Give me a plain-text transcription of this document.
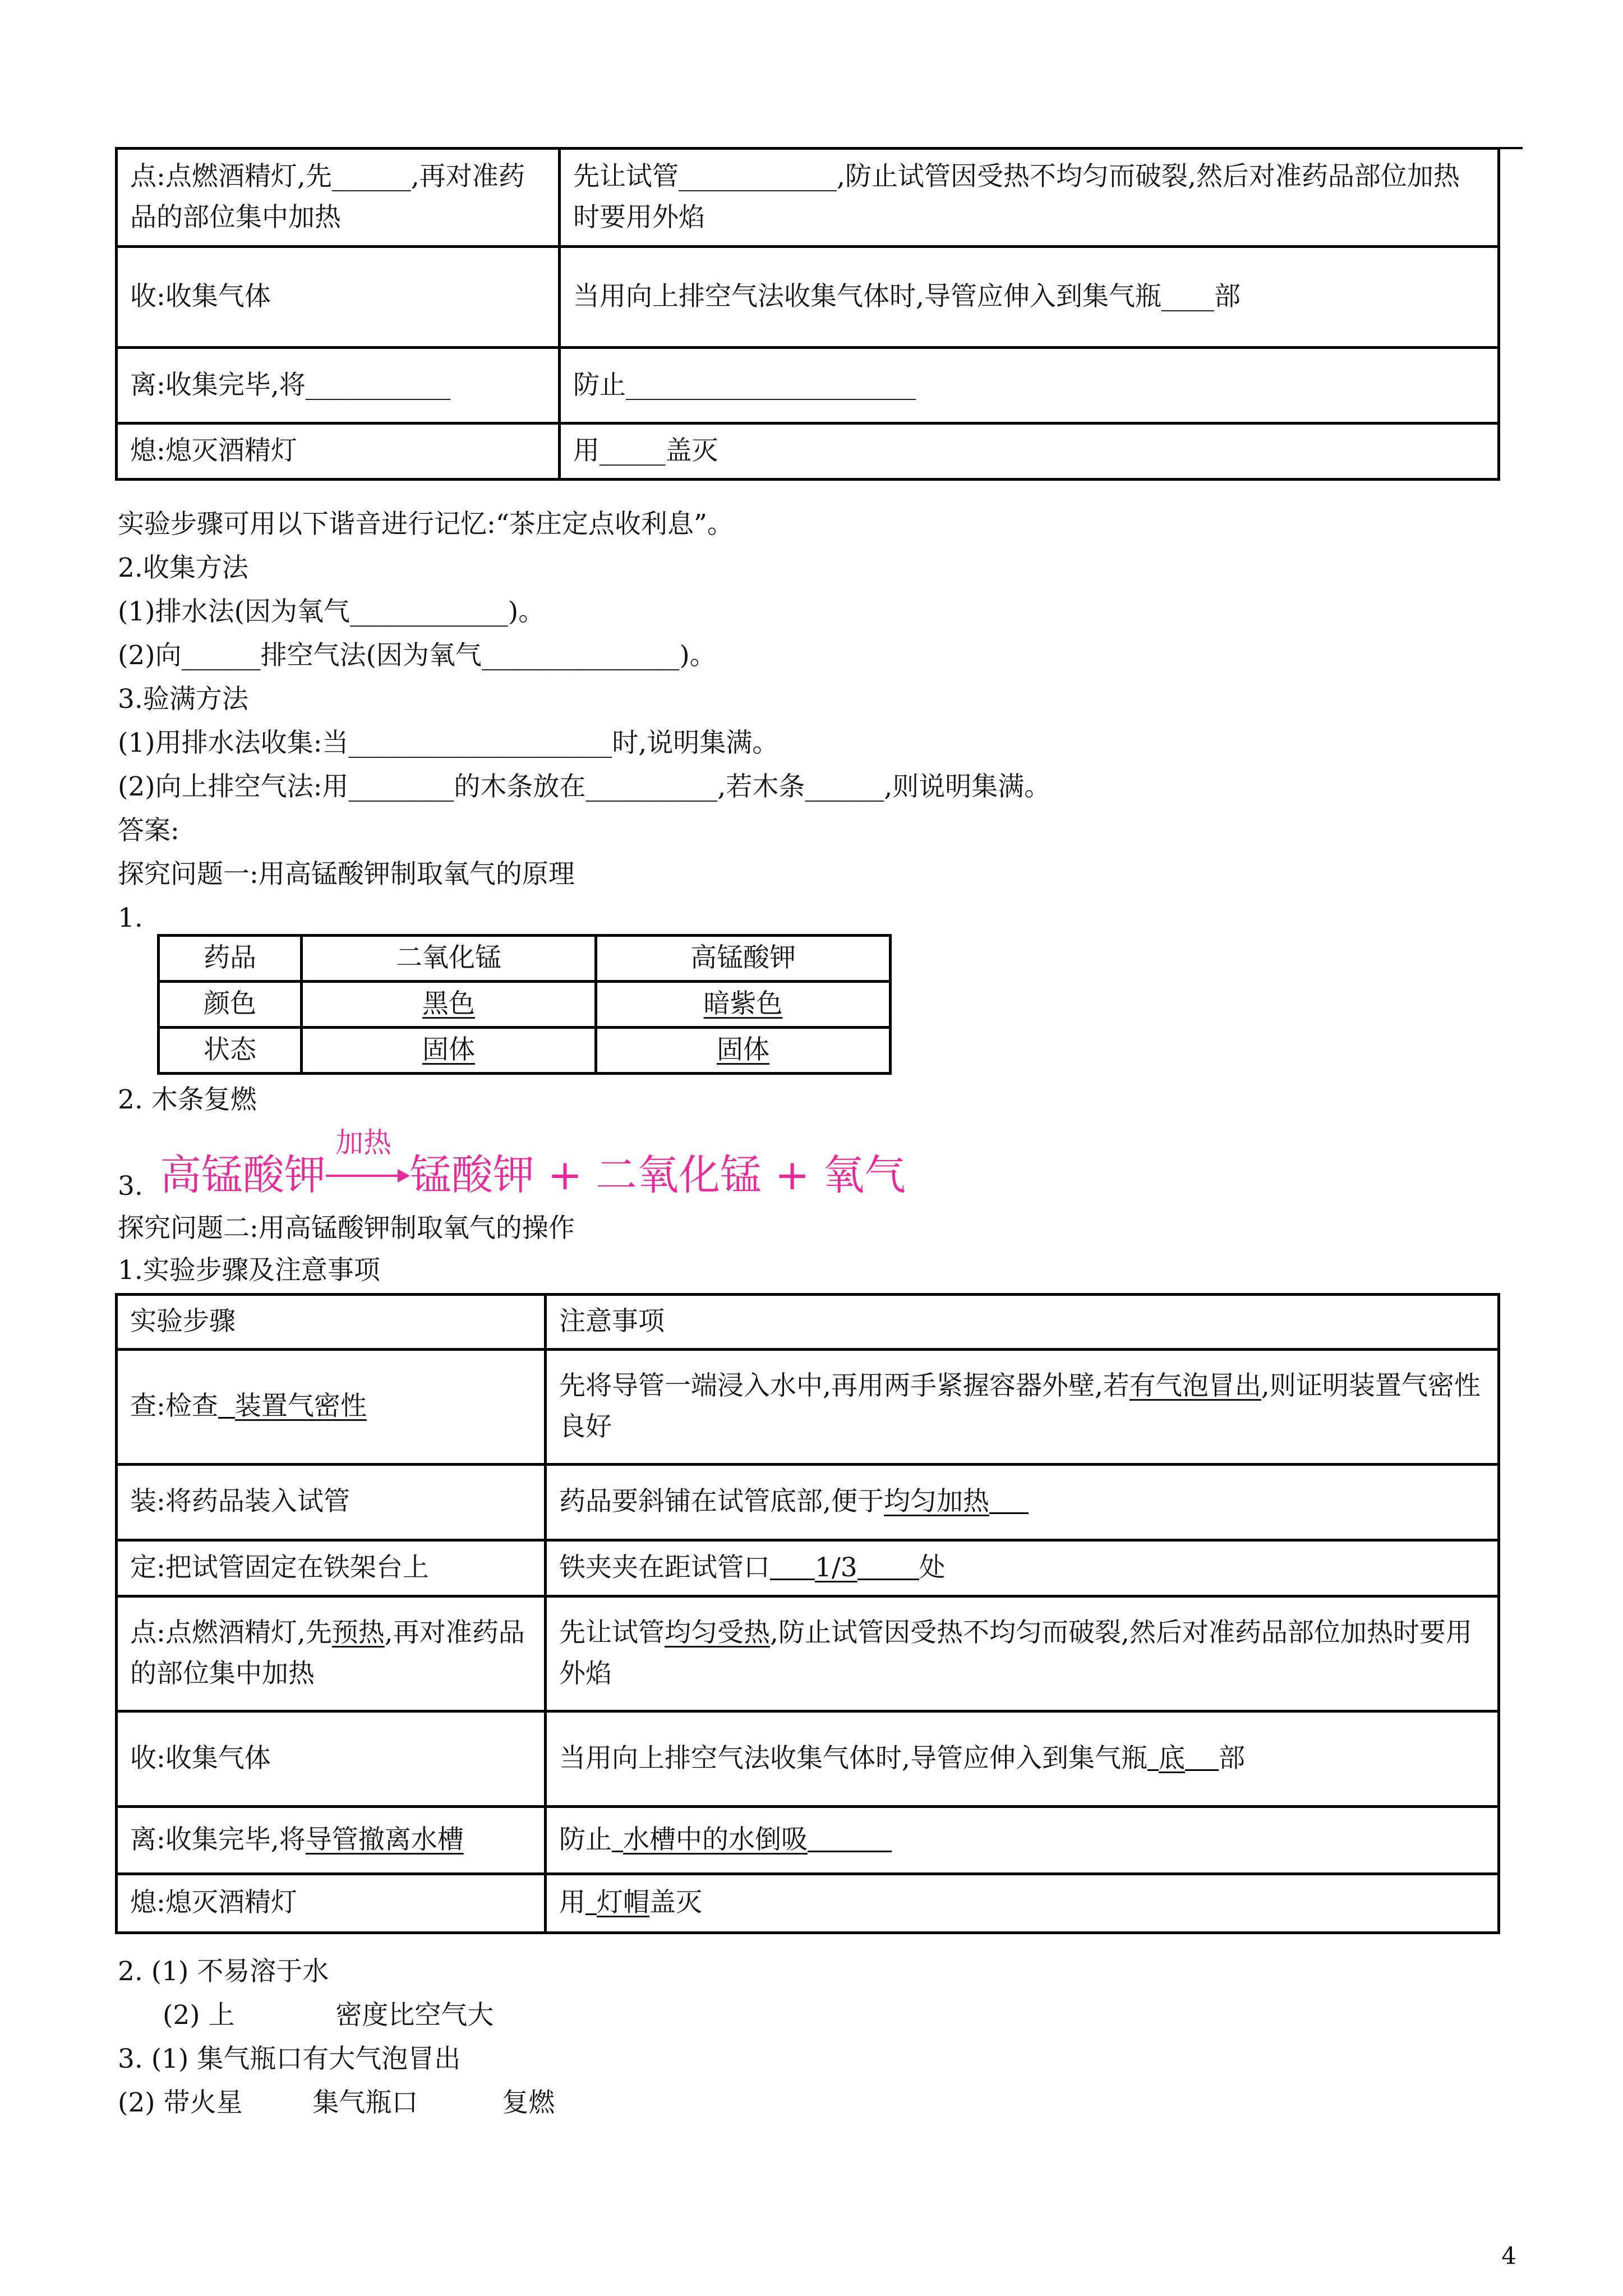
点:点燃酒精灯,先______,再对准药品的部位集中加热	先让试管____________,防止试管因受热不均匀而破裂,然后对准药品部位加热时要用外焰
收:收集气体	当用向上排空气法收集气体时,导管应伸入到集气瓶____部
离:收集完毕,将___________	防止______________________
熄:熄灭酒精灯	用_____盖灭
实验步骤可用以下谐音进行记忆:“茶庄定点收利息”。
2.收集方法
(1)排水法(因为氧气____________)。
(2)向______排空气法(因为氧气_______________)。
3.验满方法
(1)用排水法收集:当____________________时,说明集满。
(2)向上排空气法:用________的木条放在__________,若木条______,则说明集满。
答案:
探究问题一:用高锰酸钾制取氧气的原理
1.
药品	二氧化锰	高锰酸钾
颜色	黑色	暗紫色
状态	固体	固体
2. 木条复燃
3.
加热
高锰酸钾 锰酸钾 + 二氧化锰 + 氧气
探究问题二:用高锰酸钾制取氧气的操作
1.实验步骤及注意事项
实验步骤	注意事项
查:检查 装置气密性	先将导管一端浸入水中,再用两手紧握容器外壁,若有气泡冒出,则证明装置气密性良好
装:将药品装入试管	药品要斜铺在试管底部,便于均匀加热
定:把试管固定在铁架台上	铁夹夹在距试管口 1/3 处
点:点燃酒精灯,先预热,再对准药品的部位集中加热	先让试管均匀受热,防止试管因受热不均匀而破裂,然后对准药品部位加热时要用外焰
收:收集气体	当用向上排空气法收集气体时,导管应伸入到集气瓶 底 部
离:收集完毕,将导管撤离水槽	防止 水槽中的水倒吸
熄:熄灭酒精灯	用 灯帽盖灭
2. (1) 不易溶于水
(2) 上	密度比空气大
3. (1) 集气瓶口有大气泡冒出
(2) 带火星	集气瓶口	复燃
4
